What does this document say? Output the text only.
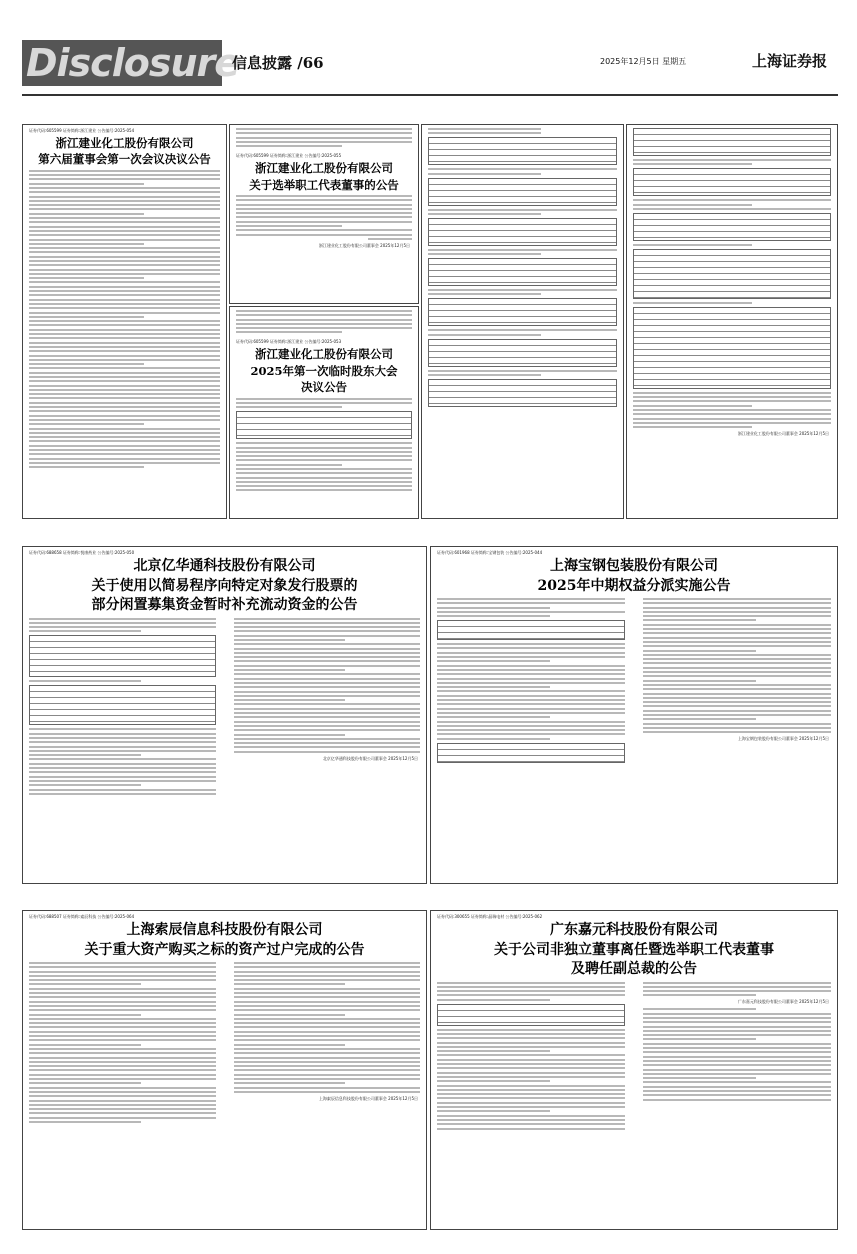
Disclosure
信息披露 /66	2025年12月5日 星期五	上海证券报
证券代码:605599 证券简称:浙江建业 公告编号:2025-054
浙江建业化工股份有限公司
第六届董事会第一次会议决议公告	证券代码:605599 证券简称:浙江建业 公告编号:2025-055
浙江建业化工股份有限公司
关于选举职工代表董事的公告
浙江建业化工股份有限公司董事会 2025年12月5日
证券代码:605599 证券简称:浙江建业 公告编号:2025-053
浙江建业化工股份有限公司
2025年第一次临时股东大会
决议公告
浙江建业化工股份有限公司董事会 2025年12月5日
证券代码:688658 证券简称:悦康药业 公告编号:2025-050
北京亿华通科技股份有限公司
关于使用以简易程序向特定对象发行股票的
部分闲置募集资金暂时补充流动资金的公告
北京亿华通科技股份有限公司董事会 2025年12月5日
证券代码:601968 证券简称:宝钢包装 公告编号:2025-044
上海宝钢包装股份有限公司
2025年中期权益分派实施公告
上海宝钢包装股份有限公司董事会 2025年12月5日
证券代码:688507 证券简称:索辰科技 公告编号:2025-064
上海索辰信息科技股份有限公司
关于重大资产购买之标的资产过户完成的公告
上海索辰信息科技股份有限公司董事会 2025年12月5日
证券代码:300655 证券简称:晶瑞电材 公告编号:2025-062
广东嘉元科技股份有限公司
关于公司非独立董事离任暨选举职工代表董事
及聘任副总裁的公告
广东嘉元科技股份有限公司董事会 2025年12月5日
